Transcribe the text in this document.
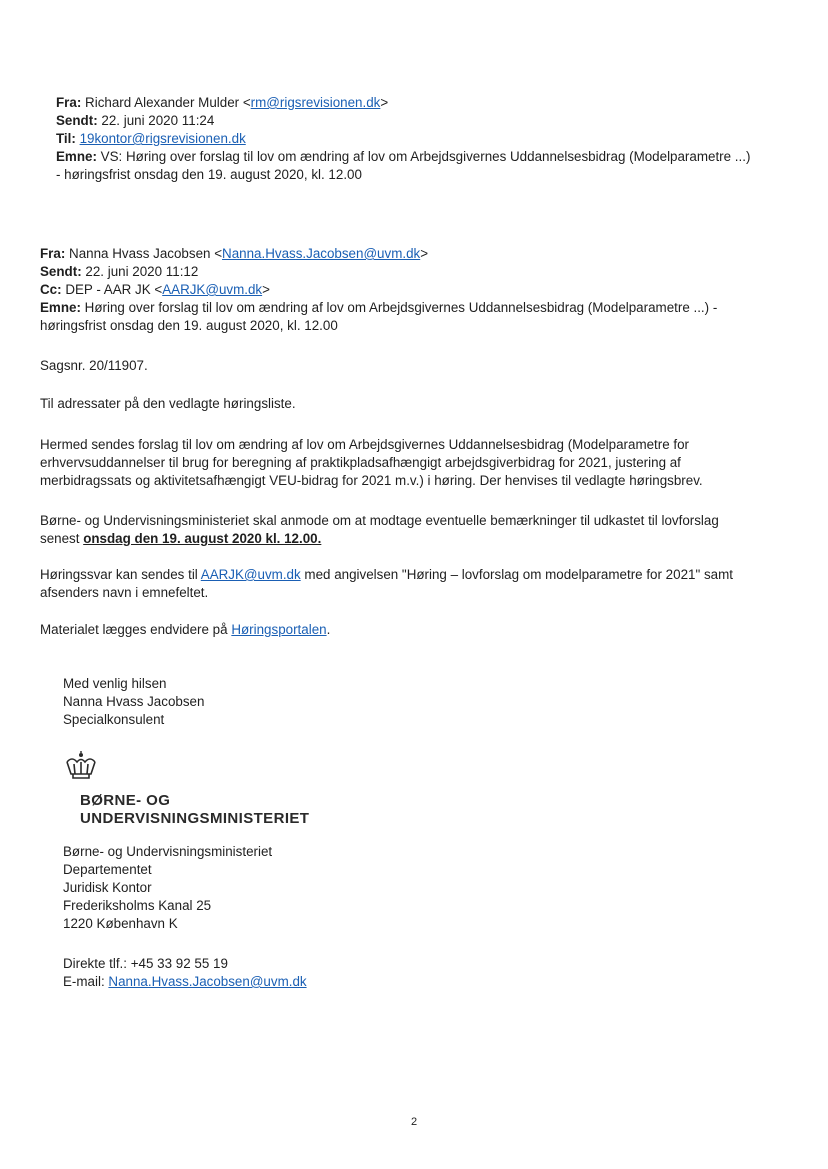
Fra: Richard Alexander Mulder <rm@rigsrevisionen.dk>

Sendt: 22. juni 2020 11:24

Til: 19kontor@rigsrevisionen.dk

Emne: VS: Høring over forslag til lov om ændring af lov om Arbejdsgivernes Uddannelsesbidrag (Modelparametre ...)

- høringsfrist onsdag den 19. august 2020, kl. 12.00

Fra: Nanna Hvass Jacobsen <Nanna.Hvass.Jacobsen@uvm.dk>

Sendt: 22. juni 2020 11:12

Cc: DEP - AAR JK <AARJK@uvm.dk>

Emne: Høring over forslag til lov om ændring af lov om Arbejdsgivernes Uddannelsesbidrag (Modelparametre ...) -

høringsfrist onsdag den 19. august 2020, kl. 12.00

Sagsnr. 20/11907.

Til adressater på den vedlagte høringsliste.

Hermed sendes forslag til lov om ændring af lov om Arbejdsgivernes Uddannelsesbidrag (Modelparametre for

erhvervsuddannelser til brug for beregning af praktikpladsafhængigt arbejdsgiverbidrag for 2021, justering af

merbidragssats og aktivitetsafhængigt VEU-bidrag for 2021 m.v.) i høring. Der henvises til vedlagte høringsbrev.

Børne- og Undervisningsministeriet skal anmode om at modtage eventuelle bemærkninger til udkastet til lovforslag

senest onsdag den 19. august 2020 kl. 12.00.

Høringssvar kan sendes til AARJK@uvm.dk med angivelsen "Høring – lovforslag om modelparametre for 2021" samt

afsenders navn i emnefeltet.

Materialet lægges endvidere på Høringsportalen.

Med venlig hilsen

Nanna Hvass Jacobsen

Specialkonsulent

BØRNE- OG
UNDERVISNINGSMINISTERIET

Børne- og Undervisningsministeriet

Departementet

Juridisk Kontor

Frederiksholms Kanal 25

1220 København K

Direkte tlf.: +45 33 92 55 19

E-mail: Nanna.Hvass.Jacobsen@uvm.dk

2
